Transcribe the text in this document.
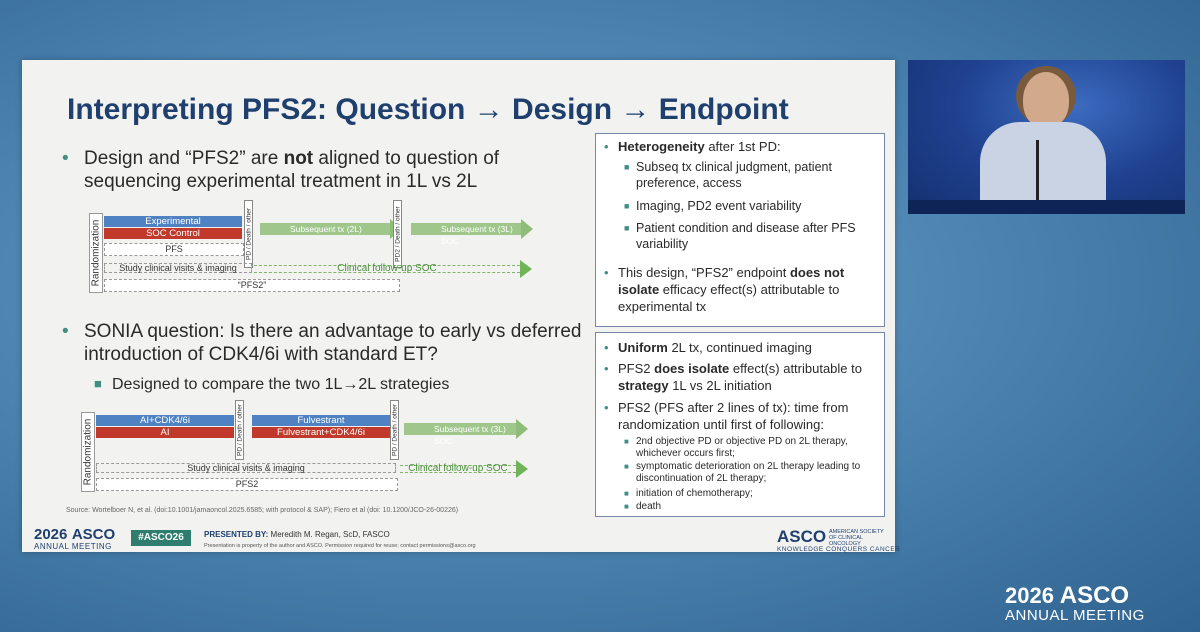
Interpreting PFS2: Question → Design → Endpoint
• Design and “PFS2” are not aligned to question of sequencing experimental treatment in 1L vs 2L
Randomization	Experimental
SOC Control
PFS	PD / Death / other	Subsequent tx (2L)	PD2 / Death / other	Subsequent tx (3L) SOC
Study clinical visits & imaging	Clinical follow-up SOC
“PFS2”
• SONIA question: Is there an advantage to early vs deferred introduction of CDK4/6i with standard ET?
■ Designed to compare the two 1L→2L strategies
Randomization	AI+CDK4/6i
AI	PD / Death / other	Fulvestrant
Fulvestrant+CDK4/6i	PD / Death / other	Subsequent tx (3L) SOC
Study clinical visits & imaging	Clinical follow-up SOC
PFS2
• Heterogeneity after 1st PD:
■ Subseq tx clinical judgment, patient preference, access
■ Imaging, PD2 event variability
■ Patient condition and disease after PFS variability
• This design, “PFS2” endpoint does not isolate efficacy effect(s) attributable to experimental tx
• Uniform 2L tx, continued imaging
• PFS2 does isolate effect(s) attributable to strategy 1L vs 2L initiation
• PFS2 (PFS after 2 lines of tx): time from randomization until first of following:
■ 2nd objective PD or objective PD on 2L therapy, whichever occurs first;
■ symptomatic deterioration on 2L therapy leading to discontinuation of 2L therapy;
■ initiation of chemotherapy;
■ death
Source: Wortelboer N, et al. (doi:10.1001/jamaoncol.2025.6585; with protocol & SAP); Fiero et al (doi: 10.1200/JCO-26-00226)
2026 ASCO
ANNUAL MEETING
#ASCO26	PRESENTED BY: Meredith M. Regan, ScD, FASCO
Presentation is property of the author and ASCO. Permission required for reuse; contact permissions@asco.org	ASCO AMERICAN SOCIETY OF CLINICAL ONCOLOGY
KNOWLEDGE CONQUERS CANCER
2026 ASCO
ANNUAL MEETING
